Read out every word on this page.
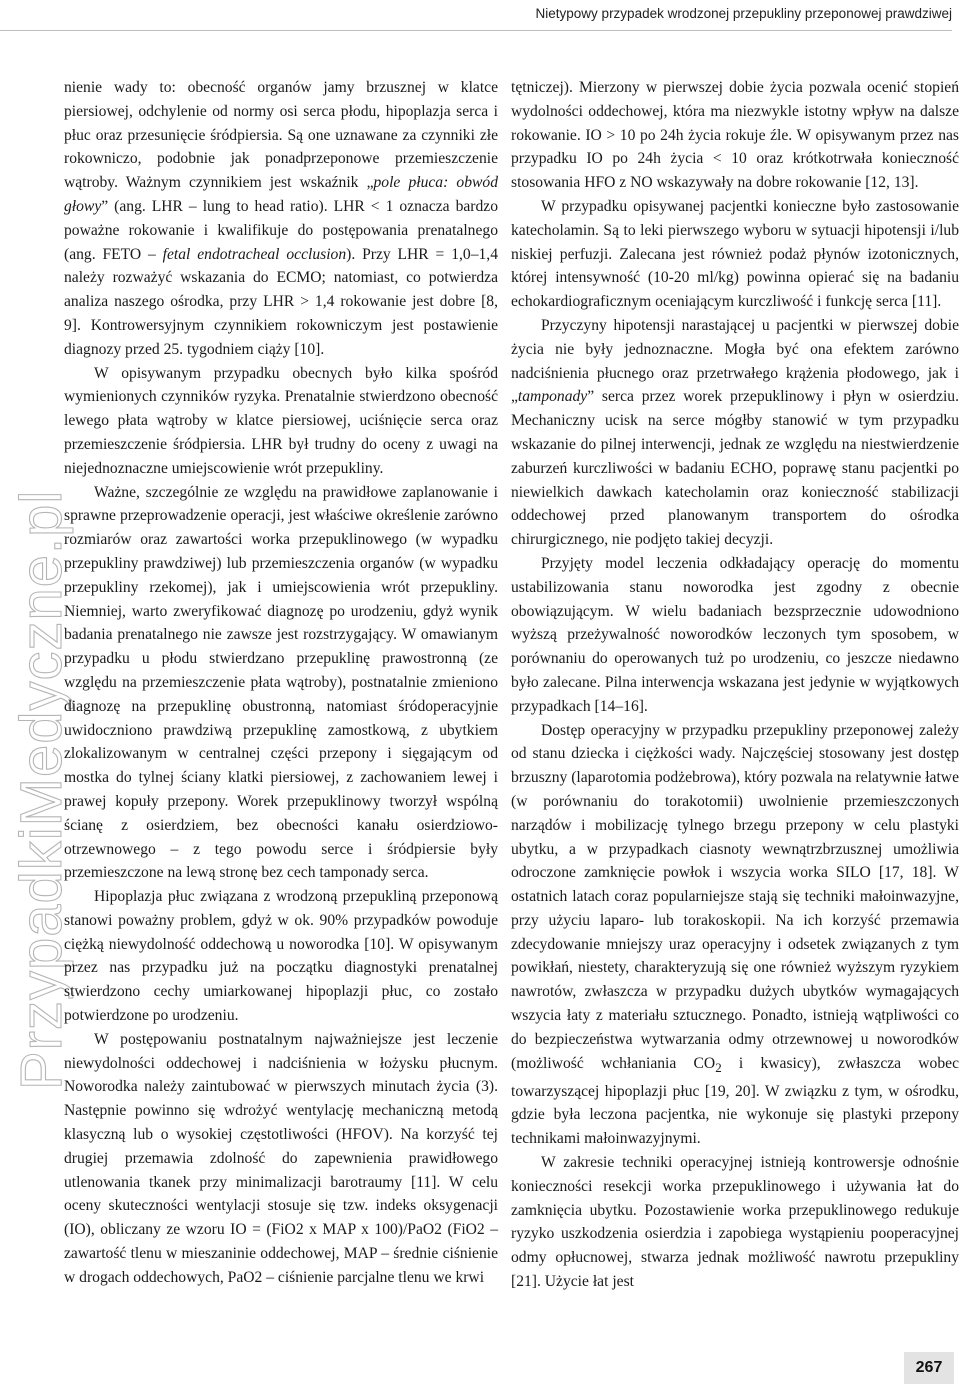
Nietypowy przypadek wrodzonej przepukliny przeponowej prawdziwej
PrzypadkiMedyczne.pl

nienie wady to: obecność organów jamy brzusznej w klatce piersiowej, odchylenie od normy osi serca płodu, hipoplazja serca i płuc oraz przesunięcie śródpiersia. Są one uznawane za czynniki złe rokowniczo, podobnie jak ponadprzeponowe przemieszczenie wątroby. Ważnym czynnikiem jest wskaźnik „pole płuca: obwód głowy” (ang. LHR – lung to head ratio). LHR < 1 oznacza bardzo poważne rokowanie i kwalifikuje do postępowania prenatalnego (ang. FETO – fetal endotracheal occlusion). Przy LHR = 1,0–1,4 należy rozważyć wskazania do ECMO; natomiast, co potwierdza analiza naszego ośrodka, przy LHR > 1,4 rokowanie jest dobre [8, 9]. Kontrowersyjnym czynnikiem rokowniczym jest postawienie diagnozy przed 25. tygodniem ciąży [10].

W opisywanym przypadku obecnych było kilka spośród wymienionych czynników ryzyka. Prenatalnie stwierdzono obecność lewego płata wątroby w klatce piersiowej, uciśnięcie serca oraz przemieszczenie śródpiersia. LHR był trudny do oceny z uwagi na niejednoznaczne umiejscowienie wrót przepukliny.

Ważne, szczególnie ze względu na prawidłowe zaplanowanie i sprawne przeprowadzenie operacji, jest właściwe określenie zarówno rozmiarów oraz zawartości worka przepuklinowego (w wypadku przepukliny prawdziwej) lub przemieszczenia organów (w wypadku przepukliny rzekomej), jak i umiejscowienia wrót przepukliny. Niemniej, warto zweryfikować diagnozę po urodzeniu, gdyż wynik badania prenatalnego nie zawsze jest rozstrzygający. W omawianym przypadku u płodu stwierdzano przepuklinę prawostronną (ze względu na przemieszczenie płata wątroby), postnatalnie zmieniono diagnozę na przepuklinę obustronną, natomiast śródoperacyjnie uwidoczniono prawdziwą przepuklinę zamostkową, z ubytkiem zlokalizowanym w centralnej części przepony i sięgającym od mostka do tylnej ściany klatki piersiowej, z zachowaniem lewej i prawej kopuły przepony. Worek przepuklinowy tworzył wspólną ścianę z osierdziem, bez obecności kanału osierdziowo-otrzewnowego – z tego powodu serce i śródpiersie były przemieszczone na lewą stronę bez cech tamponady serca.

Hipoplazja płuc związana z wrodzoną przepukliną przeponową stanowi poważny problem, gdyż w ok. 90% przypadków powoduje ciężką niewydolność oddechową u noworodka [10]. W opisywanym przez nas przypadku już na początku diagnostyki prenatalnej stwierdzono cechy umiarkowanej hipoplazji płuc, co zostało potwierdzone po urodzeniu.

W postępowaniu postnatalnym najważniejsze jest leczenie niewydolności oddechowej i nadciśnienia w łożysku płucnym. Noworodka należy zaintubować w pierwszych minutach życia (3). Następnie powinno się wdrożyć wentylację mechaniczną metodą klasyczną lub o wysokiej częstotliwości (HFOV). Na korzyść tej drugiej przemawia zdolność do zapewnienia prawidłowego utlenowania tkanek przy minimalizacji barotraumy [11]. W celu oceny skuteczności wentylacji stosuje się tzw. indeks oksygenacji (IO), obliczany ze wzoru IO = (FiO2 x MAP x 100)/PaO2 (FiO2 – zawartość tlenu w mieszaninie oddechowej, MAP – średnie ciśnienie w drogach oddechowych, PaO2 – ciśnienie parcjalne tlenu we krwi

tętniczej). Mierzony w pierwszej dobie życia pozwala ocenić stopień wydolności oddechowej, która ma niezwykle istotny wpływ na dalsze rokowanie. IO > 10 po 24h życia rokuje źle. W opisywanym przez nas przypadku IO po 24h życia < 10 oraz krótkotrwała konieczność stosowania HFO z NO wskazywały na dobre rokowanie [12, 13].

W przypadku opisywanej pacjentki konieczne było zastosowanie katecholamin. Są to leki pierwszego wyboru w sytuacji hipotensji i/lub niskiej perfuzji. Zalecana jest również podaż płynów izotonicznych, której intensywność (10-20 ml/kg) powinna opierać się na badaniu echokardiograficznym oceniającym kurczliwość i funkcję serca [11].

Przyczyny hipotensji narastającej u pacjentki w pierwszej dobie życia nie były jednoznaczne. Mogła być ona efektem zarówno nadciśnienia płucnego oraz przetrwałego krążenia płodowego, jak i „tamponady” serca przez worek przepuklinowy i płyn w osierdziu. Mechaniczny ucisk na serce mógłby stanowić w tym przypadku wskazanie do pilnej interwencji, jednak ze względu na niestwierdzenie zaburzeń kurczliwości w badaniu ECHO, poprawę stanu pacjentki po niewielkich dawkach katecholamin oraz konieczność stabilizacji oddechowej przed planowanym transportem do ośrodka chirurgicznego, nie podjęto takiej decyzji.

Przyjęty model leczenia odkładający operację do momentu ustabilizowania stanu noworodka jest zgodny z obecnie obowiązującym. W wielu badaniach bezsprzecznie udowodniono wyższą przeżywalność noworodków leczonych tym sposobem, w porównaniu do operowanych tuż po urodzeniu, co jeszcze niedawno było zalecane. Pilna interwencja wskazana jest jedynie w wyjątkowych przypadkach [14–16].

Dostęp operacyjny w przypadku przepukliny przeponowej zależy od stanu dziecka i ciężkości wady. Najczęściej stosowany jest dostęp brzuszny (laparotomia podżebrowa), który pozwala na relatywnie łatwe (w porównaniu do torakotomii) uwolnienie przemieszczonych narządów i mobilizację tylnego brzegu przepony w celu plastyki ubytku, a w przypadkach ciasnoty wewnątrzbrzusznej umożliwia odroczone zamknięcie powłok i wszycia worka SILO [17, 18]. W ostatnich latach coraz popularniejsze stają się techniki małoinwazyjne, przy użyciu laparo- lub torakoskopii. Na ich korzyść przemawia zdecydowanie mniejszy uraz operacyjny i odsetek związanych z tym powikłań, niestety, charakteryzują się one również wyższym ryzykiem nawrotów, zwłaszcza w przypadku dużych ubytków wymagających wszycia łaty z materiału sztucznego. Ponadto, istnieją wątpliwości co do bezpieczeństwa wytwarzania odmy otrzewnowej u noworodków (możliwość wchłaniania $CO_2$ i kwasicy), zwłaszcza wobec towarzyszącej hipoplazji płuc [19, 20]. W związku z tym, w ośrodku, gdzie była leczona pacjentka, nie wykonuje się plastyki przepony technikami małoinwazyjnymi.

W zakresie techniki operacyjnej istnieją kontrowersje odnośnie konieczności resekcji worka przepuklinowego i używania łat do zamknięcia ubytku. Pozostawienie worka przepuklinowego redukuje ryzyko uszkodzenia osierdzia i zapobiega wystąpieniu pooperacyjnej odmy opłucnowej, stwarza jednak możliwość nawrotu przepukliny [21]. Użycie łat jest

267
